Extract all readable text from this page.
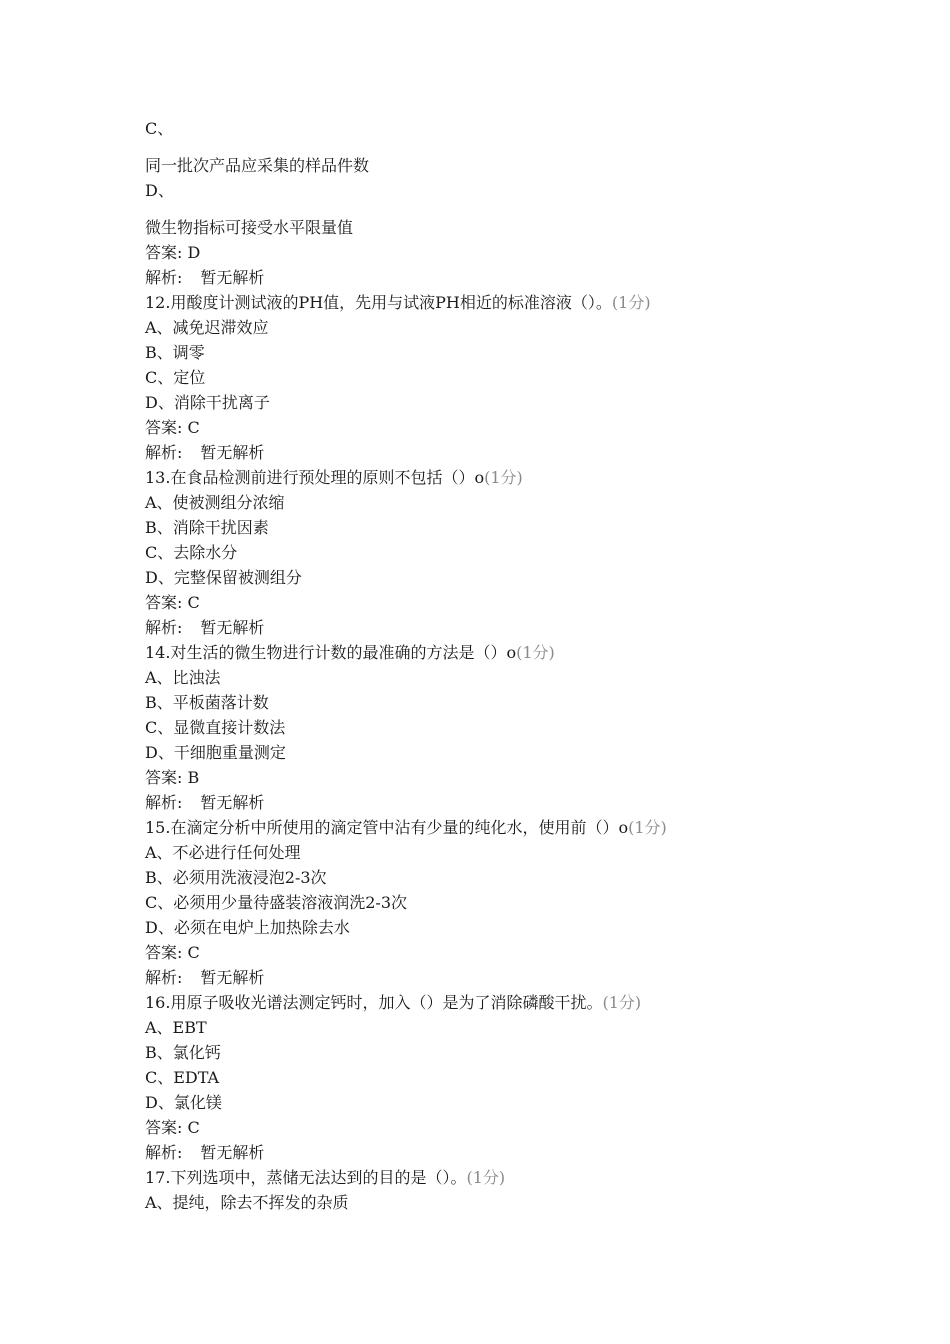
C、
同一批次产品应采集的样品件数
D、
微生物指标可接受水平限量值
答案: D
解析: 暂无解析
12.用酸度计测试液的PH值，先用与试液PH相近的标准溶液（）。(1分)
A、减免迟滞效应
B、调零
C、定位
D、消除干扰离子
答案: C
解析: 暂无解析
13.在食品检测前进行预处理的原则不包括（）o(1分)
A、使被测组分浓缩
B、消除干扰因素
C、去除水分
D、完整保留被测组分
答案: C
解析: 暂无解析
14.对生活的微生物进行计数的最准确的方法是（）o(1分)
A、比浊法
B、平板菌落计数
C、显微直接计数法
D、干细胞重量测定
答案: B
解析: 暂无解析
15.在滴定分析中所使用的滴定管中沾有少量的纯化水，使用前（）o(1分)
A、不必进行任何处理
B、必须用洗液浸泡2-3次
C、必须用少量待盛装溶液润洗2-3次
D、必须在电炉上加热除去水
答案: C
解析: 暂无解析
16.用原子吸收光谱法测定钙时，加入（）是为了消除磷酸干扰。(1分)
A、EBT
B、氯化钙
C、EDTA
D、氯化镁
答案: C
解析: 暂无解析
17.下列选项中，蒸储无法达到的目的是（）。(1分)
A、提纯，除去不挥发的杂质
